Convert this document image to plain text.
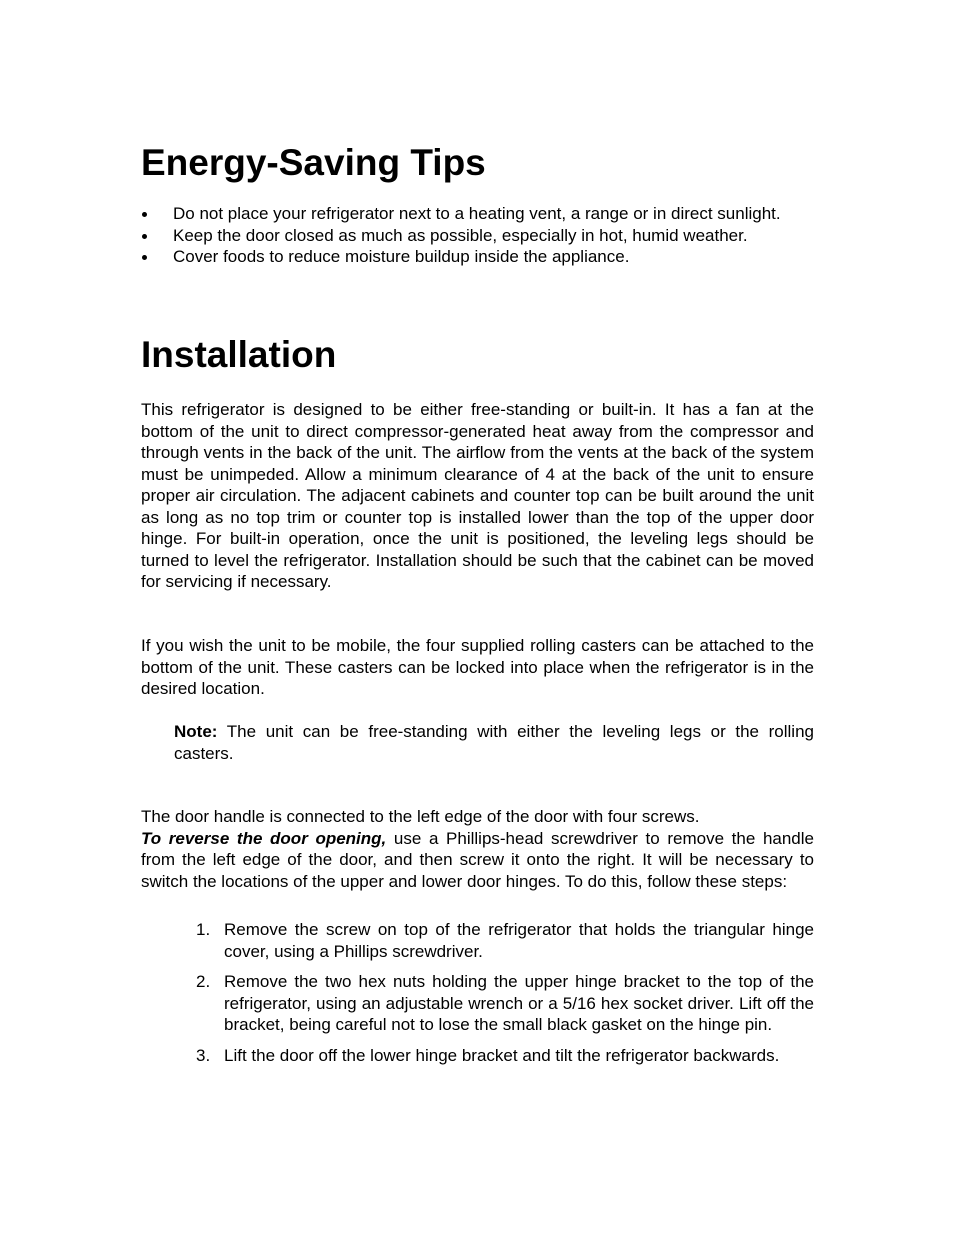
Energy-Saving Tips
Do not place your refrigerator next to a heating vent, a range or in direct sunlight.
Keep the door closed as much as possible, especially in hot, humid weather.
Cover foods to reduce moisture buildup inside the appliance.
Installation

This refrigerator is designed to be either free-standing or built-in. It has a fan at the bottom of the unit to direct compressor-generated heat away from the compressor and through vents in the back of the unit. The airflow from the vents at the back of the system must be unimpeded. Allow a minimum clearance of 4 at the back of the unit to ensure proper air circulation. The adjacent cabinets and counter top can be built around the unit as long as no top trim or counter top is installed lower than the top of the upper door hinge. For built-in operation, once the unit is positioned, the leveling legs should be turned to level the refrigerator. Installation should be such that the cabinet can be moved for servicing if necessary.

If you wish the unit to be mobile, the four supplied rolling casters can be attached to the bottom of the unit. These casters can be locked into place when the refrigerator is in the desired location.

Note: The unit can be free-standing with either the leveling legs or the rolling casters.

The door handle is connected to the left edge of the door with four screws.
To reverse the door opening, use a Phillips-head screwdriver to remove the handle from the left edge of the door, and then screw it onto the right. It will be necessary to switch the locations of the upper and lower door hinges. To do this, follow these steps:

1. Remove the screw on top of the refrigerator that holds the triangular hinge cover, using a Phillips screwdriver.
2. Remove the two hex nuts holding the upper hinge bracket to the top of the refrigerator, using an adjustable wrench or a 5/16 hex socket driver. Lift off the bracket, being careful not to lose the small black gasket on the hinge pin.
3. Lift the door off the lower hinge bracket and tilt the refrigerator backwards.
